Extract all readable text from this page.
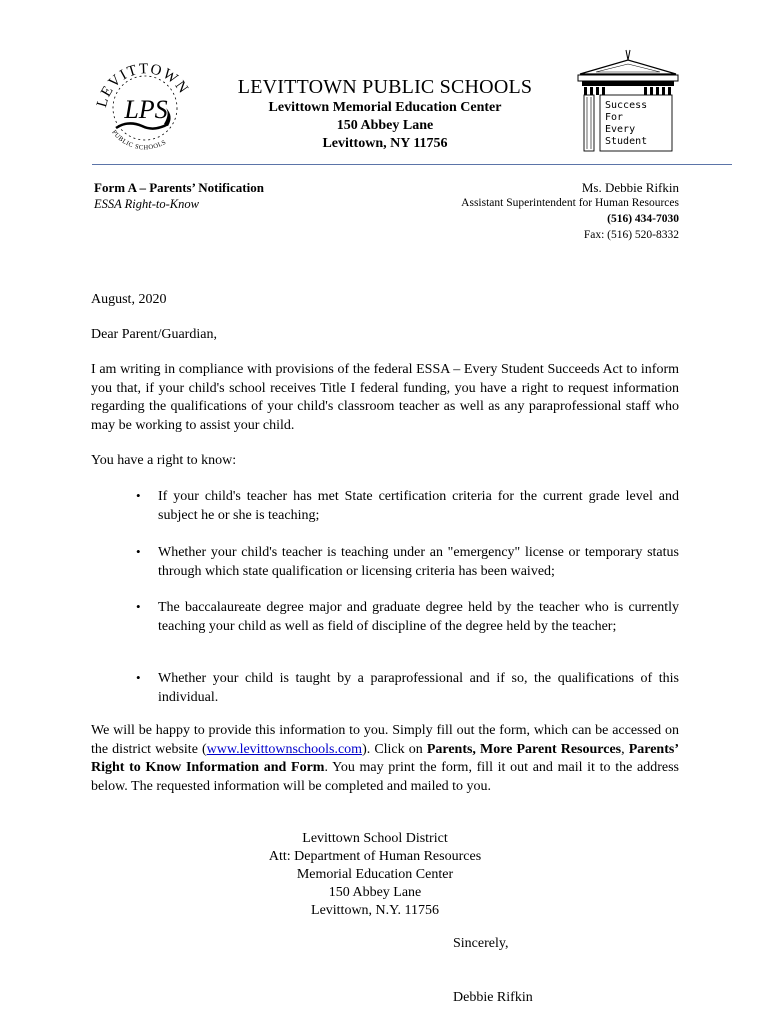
LEVITTOWN
PUBLIC SCHOOLS
LPS
LEVITTOWN PUBLIC SCHOOLS
Levittown Memorial Education Center
150 Abbey Lane
Levittown, NY 11756
Success For Every Student
Form A – Parents’ Notification
ESSA Right-to-Know
Ms. Debbie Rifkin
Assistant Superintendent for Human Resources
(516) 434-7030
Fax: (516) 520-8332
August, 2020
Dear Parent/Guardian,
I am writing in compliance with provisions of the federal ESSA – Every Student Succeeds Act to inform you that, if your child's school receives Title I federal funding, you have a right to request information regarding the qualifications of your child's classroom teacher as well as any paraprofessional staff who may be working to assist your child.
You have a right to know:
• If your child's teacher has met State certification criteria for the current grade level and subject he or she is teaching;
• Whether your child's teacher is teaching under an "emergency" license or temporary status through which state qualification or licensing criteria has been waived;
• The baccalaureate degree major and graduate degree held by the teacher who is currently teaching your child as well as field of discipline of the degree held by the teacher;
• Whether your child is taught by a paraprofessional and if so, the qualifications of this individual.
We will be happy to provide this information to you. Simply fill out the form, which can be accessed on the district website (www.levittownschools.com). Click on Parents, More Parent Resources, Parents’ Right to Know Information and Form. You may print the form, fill it out and mail it to the address below. The requested information will be completed and mailed to you.
Levittown School District
Att: Department of Human Resources
Memorial Education Center
150 Abbey Lane
Levittown, N.Y. 11756
Sincerely,
Debbie Rifkin
